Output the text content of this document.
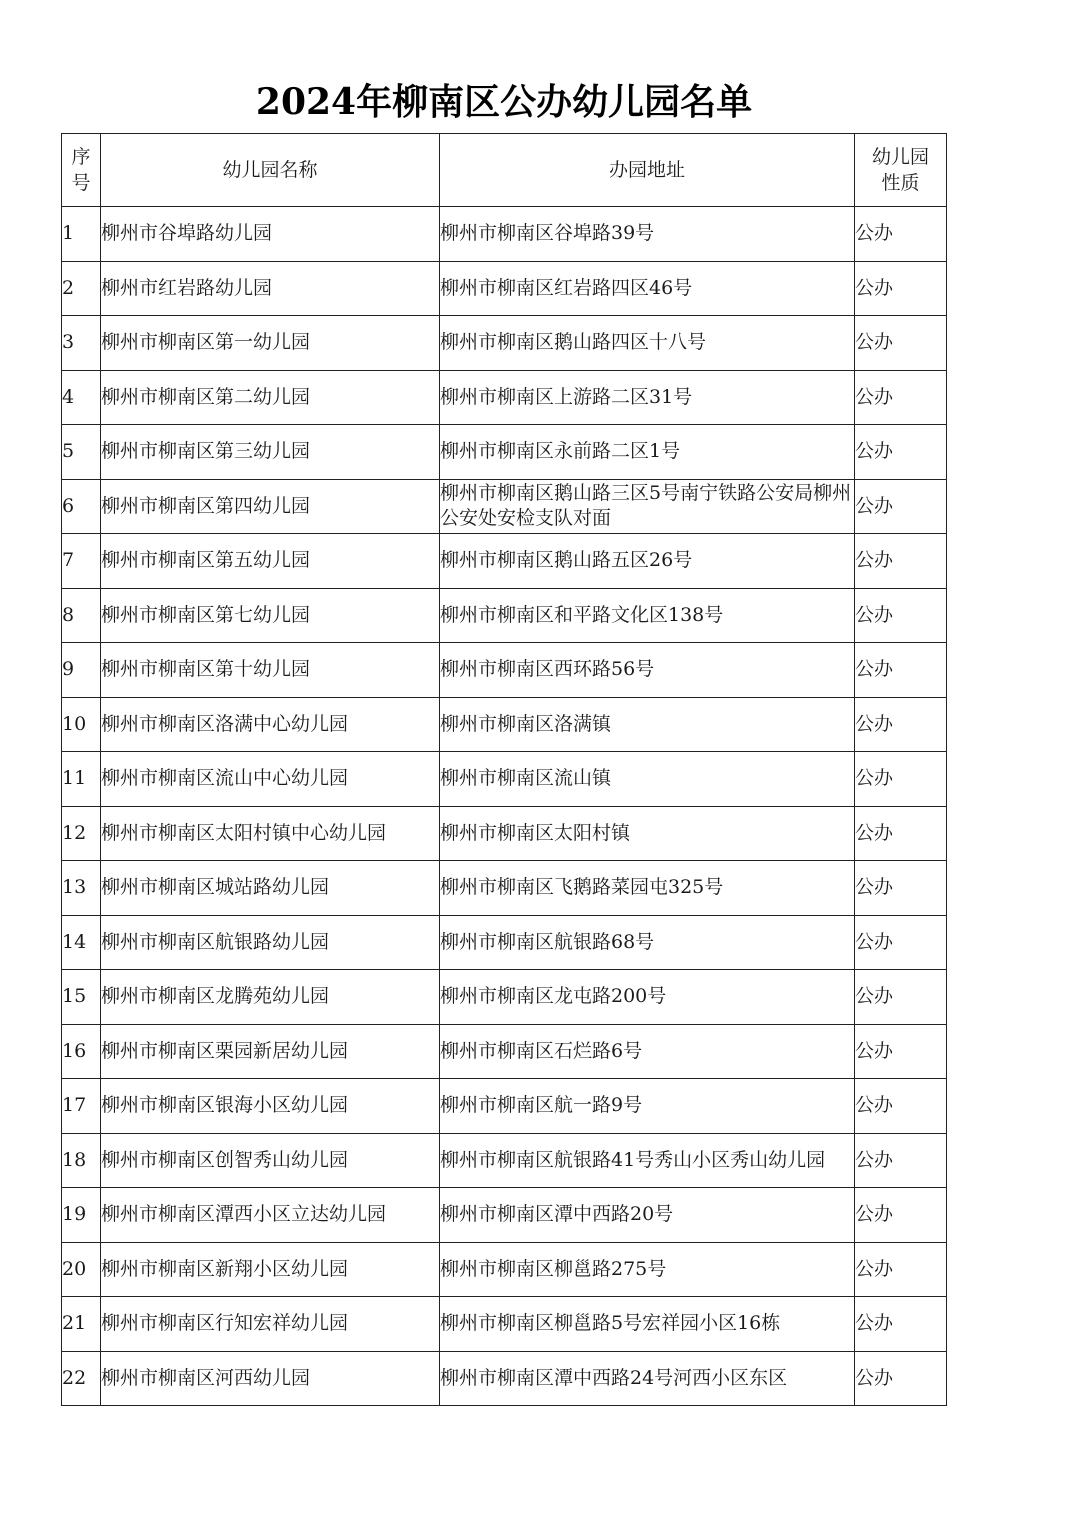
2024年柳南区公办幼儿园名单
序
号	幼儿园名称	办园地址	幼儿园
性质

1	柳州市谷埠路幼儿园	柳州市柳南区谷埠路39号	公办
2	柳州市红岩路幼儿园	柳州市柳南区红岩路四区46号	公办
3	柳州市柳南区第一幼儿园	柳州市柳南区鹅山路四区十八号	公办
4	柳州市柳南区第二幼儿园	柳州市柳南区上游路二区31号	公办
5	柳州市柳南区第三幼儿园	柳州市柳南区永前路二区1号	公办
6	柳州市柳南区第四幼儿园	柳州市柳南区鹅山路三区5号南宁铁路公安局柳州公安处安检支队对面	公办
7	柳州市柳南区第五幼儿园	柳州市柳南区鹅山路五区26号	公办
8	柳州市柳南区第七幼儿园	柳州市柳南区和平路文化区138号	公办
9	柳州市柳南区第十幼儿园	柳州市柳南区西环路56号	公办
10	柳州市柳南区洛满中心幼儿园	柳州市柳南区洛满镇	公办
11	柳州市柳南区流山中心幼儿园	柳州市柳南区流山镇	公办
12	柳州市柳南区太阳村镇中心幼儿园	柳州市柳南区太阳村镇	公办
13	柳州市柳南区城站路幼儿园	柳州市柳南区飞鹅路菜园屯325号	公办
14	柳州市柳南区航银路幼儿园	柳州市柳南区航银路68号	公办
15	柳州市柳南区龙腾苑幼儿园	柳州市柳南区龙屯路200号	公办
16	柳州市柳南区栗园新居幼儿园	柳州市柳南区石烂路6号	公办
17	柳州市柳南区银海小区幼儿园	柳州市柳南区航一路9号	公办
18	柳州市柳南区创智秀山幼儿园	柳州市柳南区航银路41号秀山小区秀山幼儿园	公办
19	柳州市柳南区潭西小区立达幼儿园	柳州市柳南区潭中西路20号	公办
20	柳州市柳南区新翔小区幼儿园	柳州市柳南区柳邕路275号	公办
21	柳州市柳南区行知宏祥幼儿园	柳州市柳南区柳邕路5号宏祥园小区16栋	公办
22	柳州市柳南区河西幼儿园	柳州市柳南区潭中西路24号河西小区东区	公办
